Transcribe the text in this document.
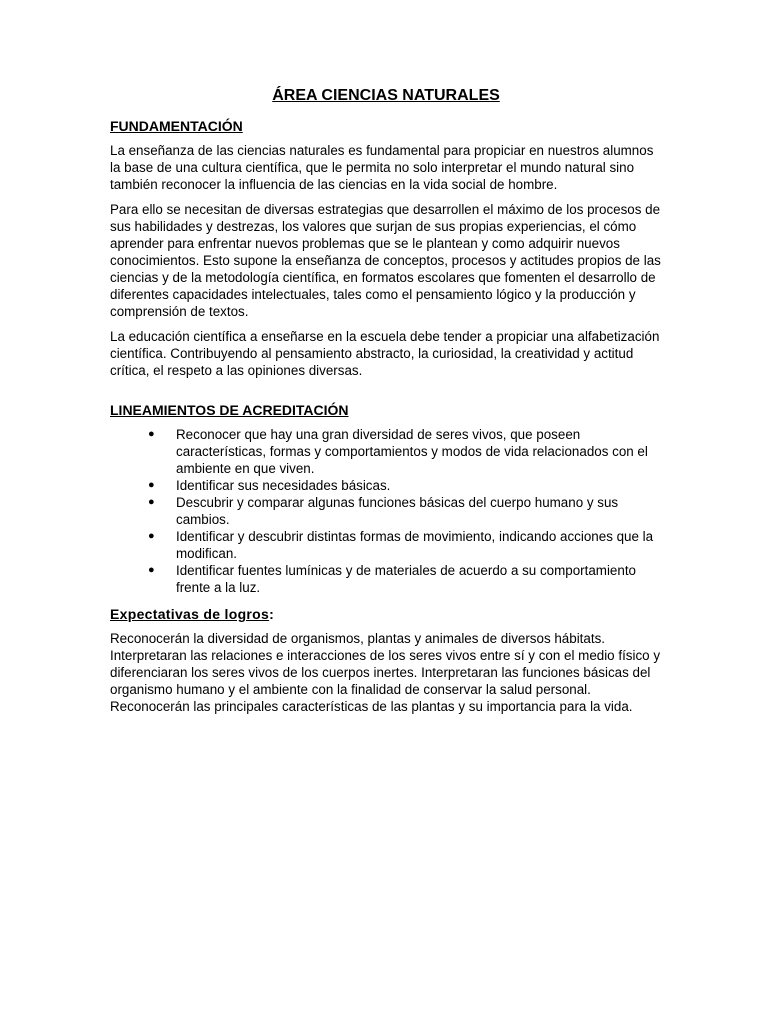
ÁREA CIENCIAS NATURALES
FUNDAMENTACIÓN

La enseñanza de las ciencias naturales es fundamental para propiciar en nuestros alumnos la base de una cultura científica, que le permita no solo interpretar el mundo natural sino también reconocer la influencia de las ciencias en la vida social de hombre.

Para ello se necesitan de diversas estrategias que desarrollen el máximo de los procesos de sus habilidades y destrezas, los valores que surjan de sus propias experiencias, el cómo aprender para enfrentar nuevos problemas que se le plantean y como adquirir nuevos conocimientos. Esto supone la enseñanza de conceptos, procesos y actitudes propios de las ciencias y de la metodología científica, en formatos escolares que fomenten el desarrollo de diferentes capacidades intelectuales, tales como el pensamiento lógico y la producción y comprensión de textos.

La educación científica a enseñarse en la escuela debe tender a propiciar una alfabetización científica. Contribuyendo al pensamiento abstracto, la curiosidad, la creatividad y actitud crítica, el respeto a las opiniones diversas.

LINEAMIENTOS DE ACREDITACIÓN
● Reconocer que hay una gran diversidad de seres vivos, que poseen características, formas y comportamientos y modos de vida relacionados con el ambiente en que viven.
● Identificar sus necesidades básicas.
● Descubrir y comparar algunas funciones básicas del cuerpo humano y sus cambios.
● Identificar y descubrir distintas formas de movimiento, indicando acciones que la modifican.
● Identificar fuentes lumínicas y de materiales de acuerdo a su comportamiento frente a la luz.
Expectativas de logros:

Reconocerán la diversidad de organismos, plantas y animales de diversos hábitats. Interpretaran las relaciones e interacciones de los seres vivos entre sí y con el medio físico y diferenciaran los seres vivos de los cuerpos inertes. Interpretaran las funciones básicas del organismo humano y el ambiente con la finalidad de conservar la salud personal. Reconocerán las principales características de las plantas y su importancia para la vida.
